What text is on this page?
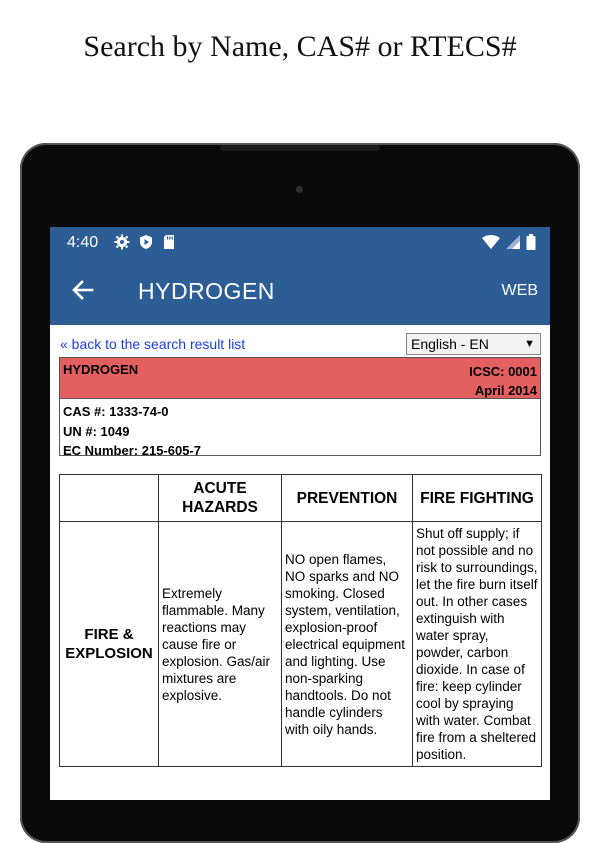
Search by Name, CAS# or RTECS#
4:40
HYDROGEN	WEB
« back to the search result list	English - EN	▼
HYDROGEN	ICSC: 0001
April 2014
CAS #: 1333-74-0
UN #: 1049
EC Number: 215-605-7
	ACUTE HAZARDS	PREVENTION	FIRE FIGHTING
FIRE & EXPLOSION	Extremely flammable. Many reactions may cause fire or explosion. Gas/air mixtures are explosive.	NO open flames, NO sparks and NO smoking. Closed system, ventilation, explosion-proof electrical equipment and lighting. Use non-sparking handtools. Do not handle cylinders with oily hands.	Shut off supply; if not possible and no risk to surroundings, let the fire burn itself out. In other cases extinguish with water spray, powder, carbon dioxide. In case of fire: keep cylinder cool by spraying with water. Combat fire from a sheltered position.
